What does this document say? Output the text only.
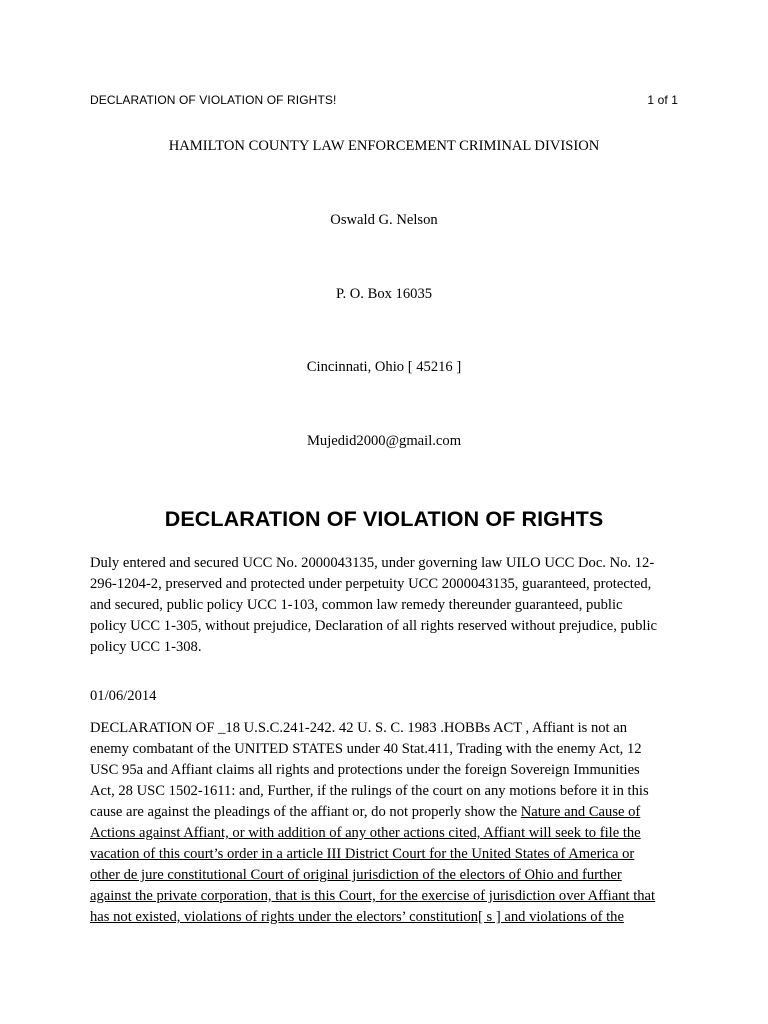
DECLARATION OF VIOLATION OF RIGHTS!	1 of 1
HAMILTON COUNTY LAW ENFORCEMENT CRIMINAL DIVISION
Oswald G. Nelson
P. O. Box 16035
Cincinnati, Ohio [ 45216 ]
Mujedid2000@gmail.com
DECLARATION OF VIOLATION OF RIGHTS
Duly entered and secured UCC No. 2000043135, under governing law UILO UCC Doc. No. 12-
296-1204-2, preserved and protected under perpetuity UCC 2000043135, guaranteed, protected,
and secured, public policy UCC 1-103, common law remedy thereunder guaranteed, public
policy UCC 1-305, without prejudice, Declaration of all rights reserved without prejudice, public
policy UCC 1-308.
01/06/2014
DECLARATION OF _18 U.S.C.241-242. 42 U. S. C. 1983 .HOBBs ACT , Affiant is not an
enemy combatant of the UNITED STATES under 40 Stat.411, Trading with the enemy Act, 12
USC 95a and Affiant claims all rights and protections under the foreign Sovereign Immunities
Act, 28 USC 1502-1611: and, Further, if the rulings of the court on any motions before it in this
cause are against the pleadings of the affiant or, do not properly show the Nature and Cause of
Actions against Affiant, or with addition of any other actions cited, Affiant will seek to file the
vacation of this court’s order in a article III District Court for the United States of America or
other de jure constitutional Court of original jurisdiction of the electors of Ohio and further
against the private corporation, that is this Court, for the exercise of jurisdiction over Affiant that
has not existed, violations of rights under the electors’ constitution[ s ] and violations of the
